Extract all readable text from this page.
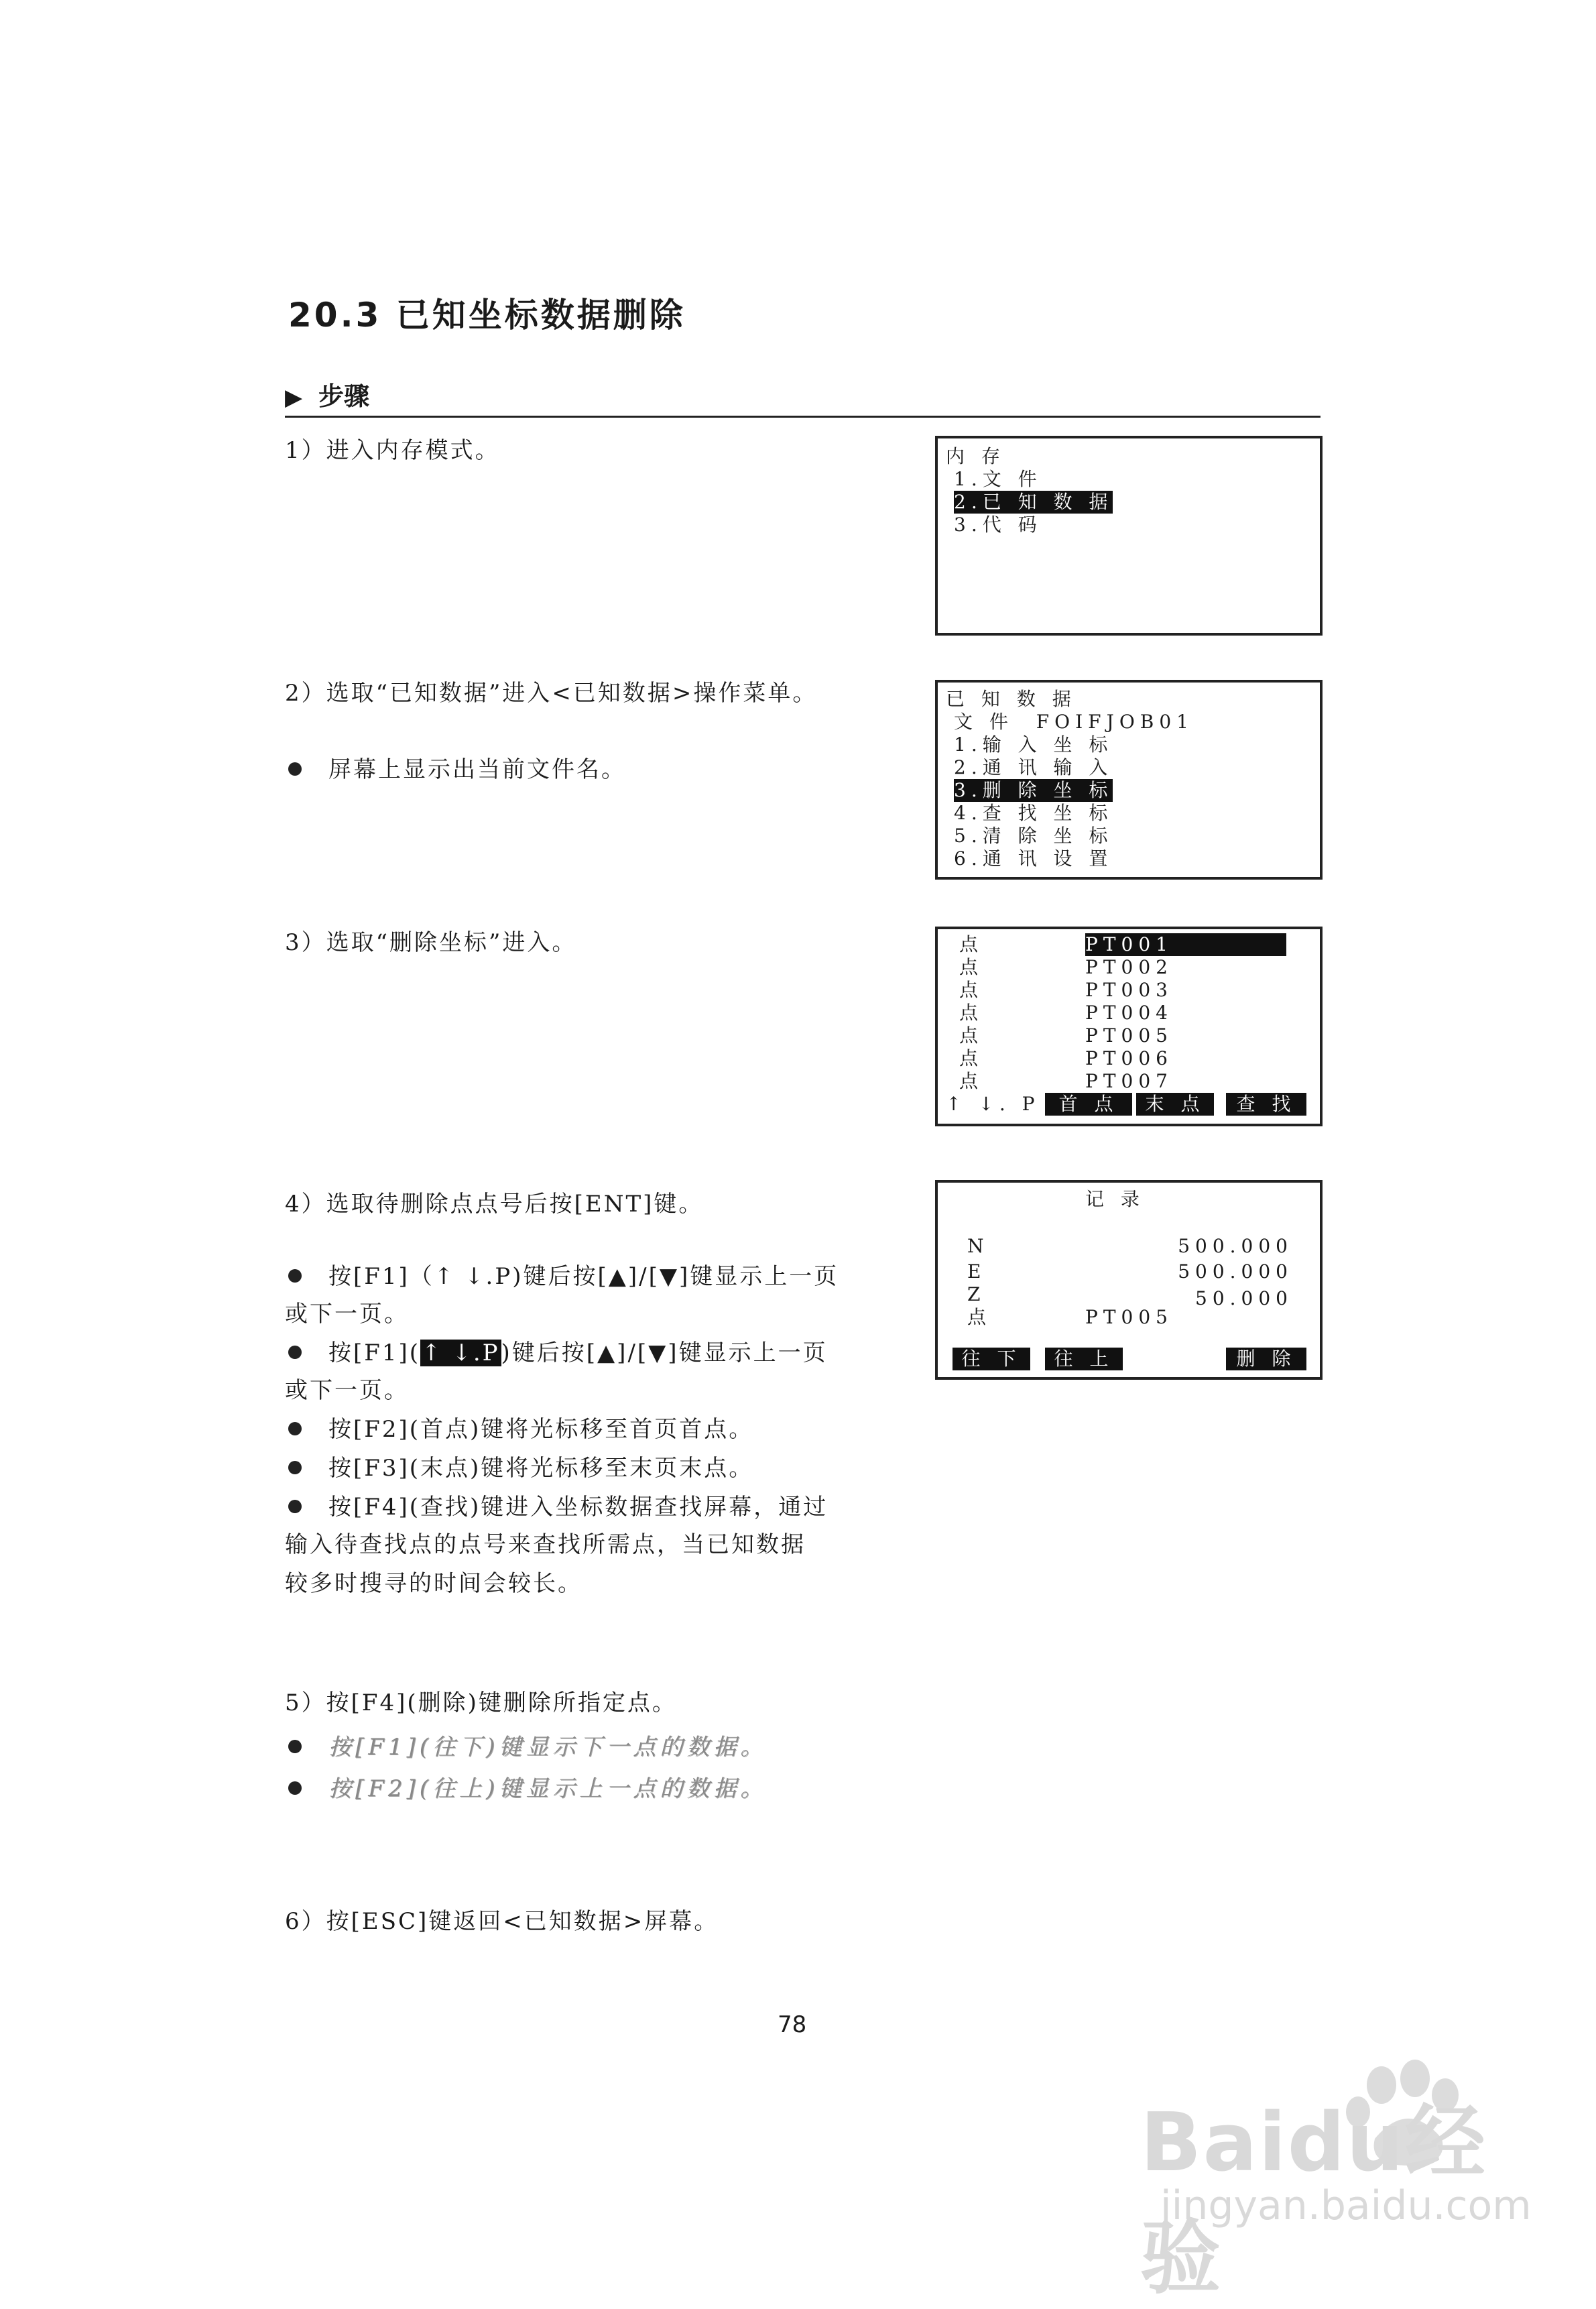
20.3 已知坐标数据删除
▶ 步骤
1）进入内存模式。
2）选取“已知数据”进入<已知数据>操作菜单。
屏幕上显示出当前文件名。
3）选取“删除坐标”进入。
4）选取待删除点点号后按[ENT]键。
按[F1]（↑ ↓.P)键后按[▲]/[▼]键显示上一页
或下一页。
按[F1](↑ ↓.P)键后按[▲]/[▼]键显示上一页
或下一页。
按[F2](首点)键将光标移至首页首点。
按[F3](末点)键将光标移至末页末点。
按[F4](查找)键进入坐标数据查找屏幕，通过
输入待查找点的点号来查找所需点，当已知数据
较多时搜寻的时间会较长。
5）按[F4](删除)键删除所指定点。
按[F1](往下)键显示下一点的数据。
按[F2](往上)键显示上一点的数据。
6）按[ESC]键返回<已知数据>屏幕。
内 存
1.文 件
2.已 知 数 据
3.代 码
已 知 数 据
文 件 FOIFJOB01
1.输 入 坐 标
2.通 讯 输 入
3.删 除 坐 标
4.查 找 坐 标
5.清 除 坐 标
6.通 讯 设 置
点	PT001
点	PT002
点	PT003
点	PT004
点	PT005
点	PT006
点	PT007
↑ ↓. P	首 点	末 点	查 找
记 录
N	500.000
E	500.000
Z	50.000
点	PT005
往 下	往 上	删 除
78
Baidu经验
jingyan.baidu.com
